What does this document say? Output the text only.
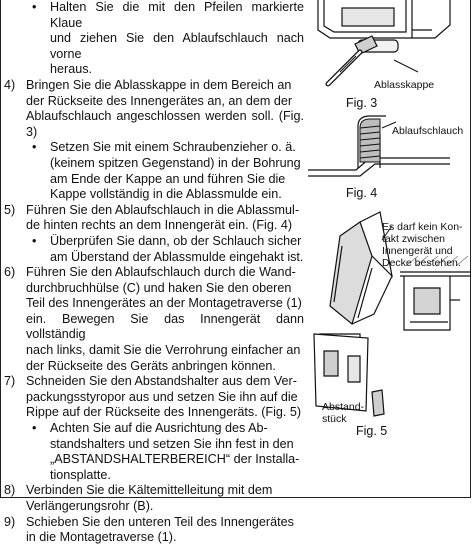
• Halten Sie die mit den Pfeilen markierte Klaue
und ziehen Sie den Ablaufschlauch nach vorne
heraus.
4) Bringen Sie die Ablasskappe in dem Bereich an
der Rückseite des Innengerätes an, an dem der
Ablaufschlauch angeschlossen werden soll. (Fig. 3)
• Setzen Sie mit einem Schraubenzieher o. ä.
(keinem spitzen Gegenstand) in der Bohrung
am Ende der Kappe an und führen Sie die
Kappe vollständig in die Ablassmulde ein.
5) Führen Sie den Ablaufschlauch in die Ablassmul-
de hinten rechts an dem Innengerät ein. (Fig. 4)
• Überprüfen Sie dann, ob der Schlauch sicher
am Überstand der Ablassmulde eingehakt ist.
6) Führen Sie den Ablaufschlauch durch die Wand-
durchbruchhülse (C) und haken Sie den oberen
Teil des Innengerätes an der Montagetraverse (1)
ein. Bewegen Sie das Innengerät dann vollständig
nach links, damit Sie die Verrohrung einfacher an
der Rückseite des Geräts anbringen können.
7) Schneiden Sie den Abstandshalter aus dem Ver-
packungsstyropor aus und setzen Sie ihn auf die
Rippe auf der Rückseite des Innengeräts. (Fig. 5)
• Achten Sie auf die Ausrichtung des Ab-
standshalters und setzen Sie ihn fest in den
„ABSTANDSHALTERBEREICH“ der Installa-
tionsplatte.
8) Verbinden Sie die Kältemittelleitung mit dem
Verlängerungsrohr (B).
9) Schieben Sie den unteren Teil des Innengerätes
in die Montagetraverse (1).
Fig. 3
Ablasskappe
Ablaufschlauch
Fig. 4
Es darf kein Kon-
takt zwischen
Innengerät und
Decke bestehen.
Abstand-
stück
Fig. 5
